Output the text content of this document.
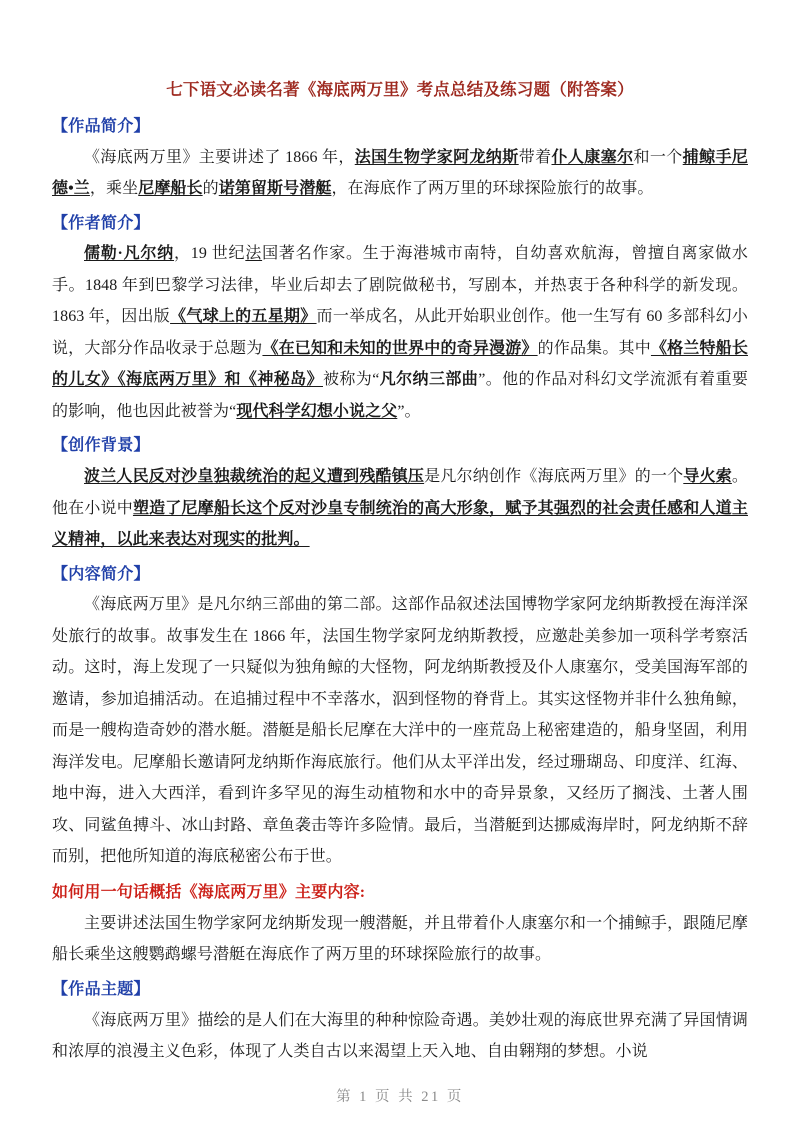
七下语文必读名著《海底两万里》考点总结及练习题（附答案）
【作品简介】

《海底两万里》主要讲述了 1866 年，法国生物学家阿龙纳斯带着仆人康塞尔和一个捕鲸手尼德•兰，乘坐尼摩船长的诺第留斯号潜艇，在海底作了两万里的环球探险旅行的故事。

【作者简介】

儒勒·凡尔纳，19 世纪法国著名作家。生于海港城市南特，自幼喜欢航海，曾擅自离家做水手。1848 年到巴黎学习法律，毕业后却去了剧院做秘书，写剧本，并热衷于各种科学的新发现。1863 年，因出版《气球上的五星期》而一举成名，从此开始职业创作。他一生写有 60 多部科幻小说，大部分作品收录于总题为《在已知和未知的世界中的奇异漫游》的作品集。其中《格兰特船长的儿女》《海底两万里》和《神秘岛》被称为“凡尔纳三部曲”。他的作品对科幻文学流派有着重要的影响，他也因此被誉为“现代科学幻想小说之父”。

【创作背景】

波兰人民反对沙皇独裁统治的起义遭到残酷镇压是凡尔纳创作《海底两万里》的一个导火索。他在小说中塑造了尼摩船长这个反对沙皇专制统治的高大形象，赋予其强烈的社会责任感和人道主义精神，以此来表达对现实的批判。

【内容简介】

《海底两万里》是凡尔纳三部曲的第二部。这部作品叙述法国博物学家阿龙纳斯教授在海洋深处旅行的故事。故事发生在 1866 年，法国生物学家阿龙纳斯教授，应邀赴美参加一项科学考察活动。这时，海上发现了一只疑似为独角鲸的大怪物，阿龙纳斯教授及仆人康塞尔，受美国海军部的邀请，参加追捕活动。在追捕过程中不幸落水，泅到怪物的脊背上。其实这怪物并非什么独角鲸，而是一艘构造奇妙的潜水艇。潜艇是船长尼摩在大洋中的一座荒岛上秘密建造的，船身坚固，利用海洋发电。尼摩船长邀请阿龙纳斯作海底旅行。他们从太平洋出发，经过珊瑚岛、印度洋、红海、地中海，进入大西洋，看到许多罕见的海生动植物和水中的奇异景象，又经历了搁浅、土著人围攻、同鲨鱼搏斗、冰山封路、章鱼袭击等许多险情。最后，当潜艇到达挪威海岸时，阿龙纳斯不辞而别，把他所知道的海底秘密公布于世。

如何用一句话概括《海底两万里》主要内容:

主要讲述法国生物学家阿龙纳斯发现一艘潜艇，并且带着仆人康塞尔和一个捕鲸手，跟随尼摩船长乘坐这艘鹦鹉螺号潜艇在海底作了两万里的环球探险旅行的故事。

【作品主题】

《海底两万里》描绘的是人们在大海里的种种惊险奇遇。美妙壮观的海底世界充满了异国情调和浓厚的浪漫主义色彩，体现了人类自古以来渴望上天入地、自由翱翔的梦想。小说

第 1 页 共 21 页
